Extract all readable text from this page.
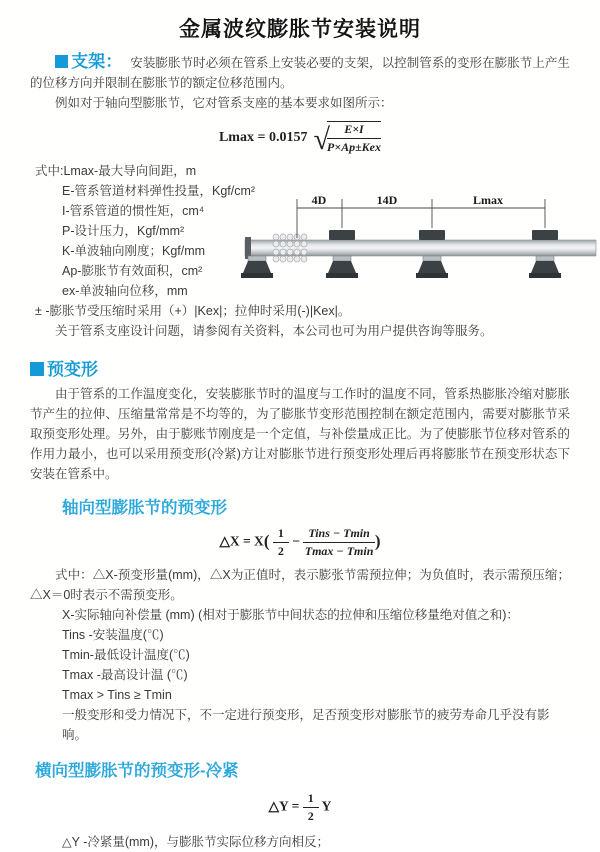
金属波纹膨胀节安装说明

支架： 安装膨胀节时必须在管系上安装必要的支架，以控制管系的变形在膨胀节上产生的位移方向并限制在膨胀节的额定位移范围内。

例如对于轴向型膨胀节，它对管系支座的基本要求如图所示：

Lmax = 0.0157 √
$\frac{E\times I}{\text{P×Ap±Kex}}$
式中:Lmax-最大导向间距，m
E-管系管道材料弹性投量，Kgf/cm²
I-管系管道的惯性矩，cm⁴
P-设计压力，Kgf/mm²
K-单波轴向刚度；Kgf/mm
Ap-膨胀节有效面积，cm²
ex-单波轴向位移，mm

± -膨胀节受压缩时采用（+）|Kex|；拉伸时采用(-)|Kex|。

关于管系支座设计问题，请参阅有关资料，本公司也可为用户提供咨询等服务。

4D	14D	Lmax
预变形

由于管系的工作温度变化，安装膨胀节时的温度与工作时的温度不同，管系热膨胀冷缩对膨胀节产生的拉伸、压缩量常常是不均等的，为了膨胀节变形范围控制在额定范围内，需要对膨胀节采取预变形处理。另外，由于膨账节刚度是一个定值，与补偿量成正比。为了使膨胀节位移对管系的作用力最小，也可以采用预变形(冷紧)方让对膨胀节进行预变形处理后再将膨胀节在预变形状态下安装在管系中。

轴向型膨胀节的预变形
△X = $X( \frac{1}{2} - \frac{\text{Tins − Tmin}}{Tmax - Tmin}$ )

式中：△X-预变形量(mm)，△X为正值时，表示膨张节需预拉伸；为负值时，表示需预压缩；△X＝0时表示不需预变形。

X-实际轴向补偿量 (mm) (相对于膨胀节中间状态的拉伸和压缩位移量绝对值之和)：
Tins -安装温度(℃)
Tmin-最低设计温度(℃)
Tmax -最高设计温 (℃)
Tmax > Tins ≥ Tmin
一般变形和受力情况下，不一定进行预变形，足否预变形对膨胀节的疲劳寿命几乎没有影响。
横向型膨胀节的预变形-冷紧
△Y = $\frac{1}{2}$ Y
△Y -冷紧量(mm)，与膨胀节实际位移方向相反；
